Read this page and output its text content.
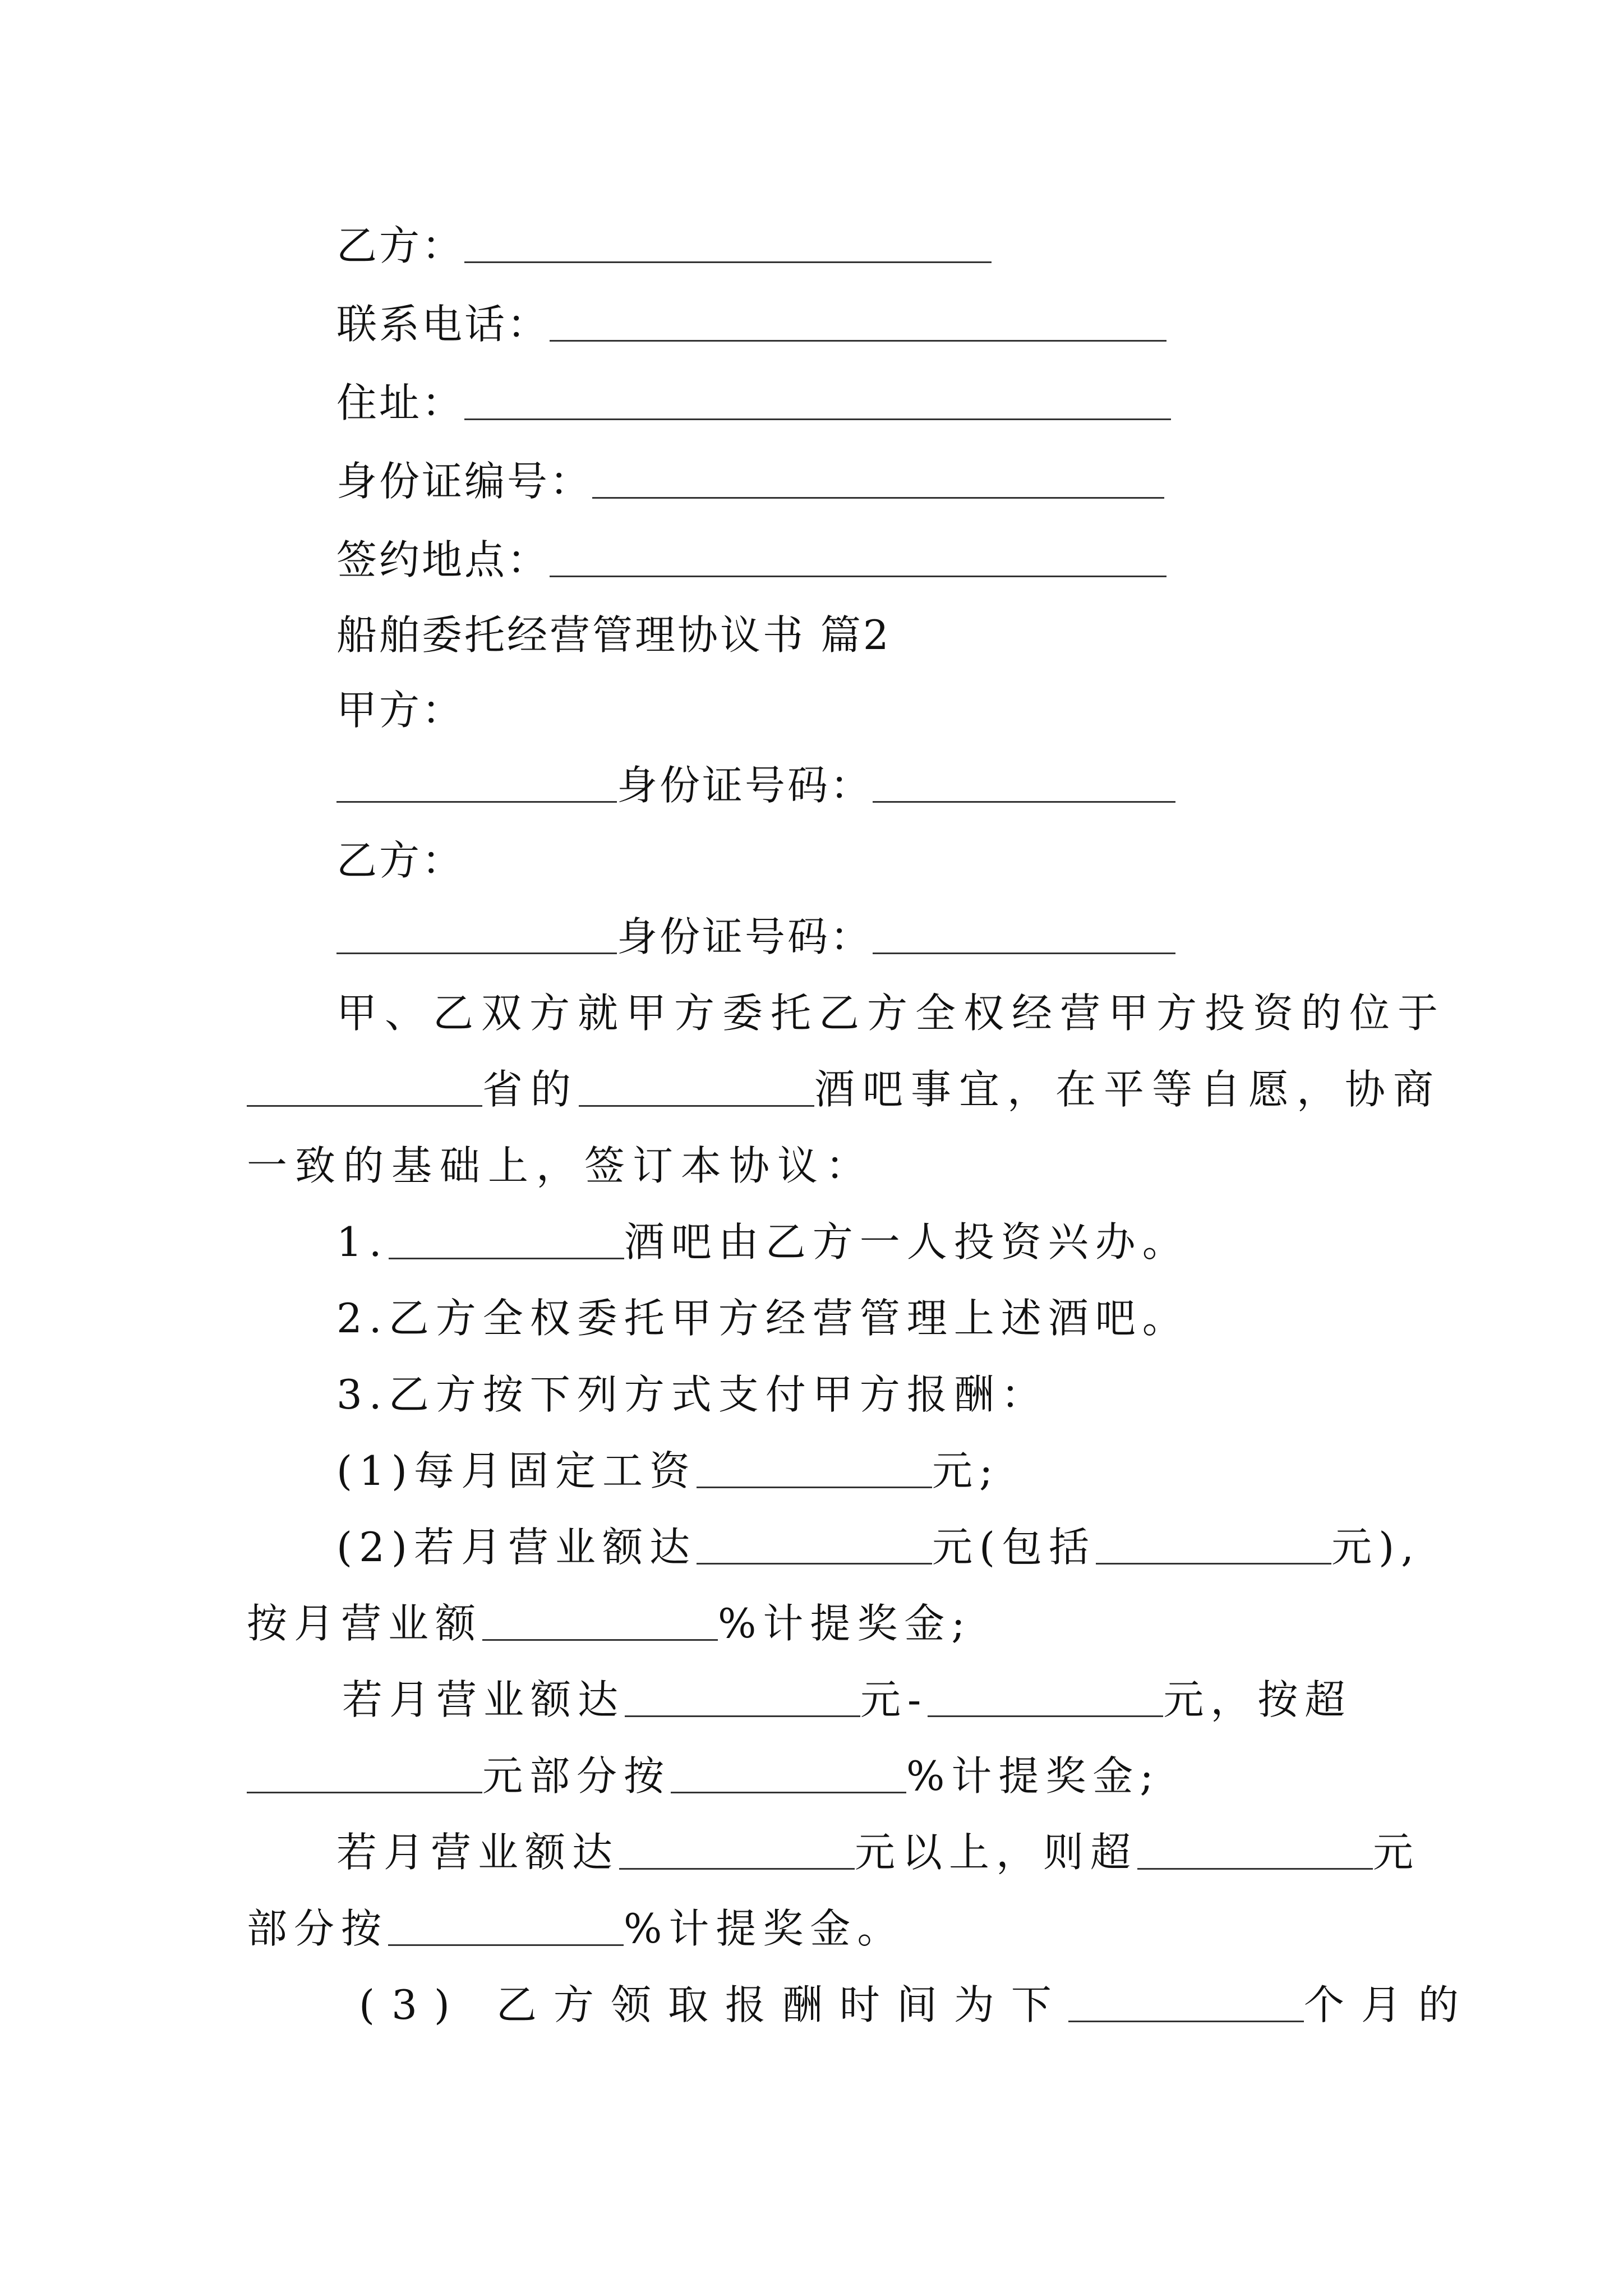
乙方：
联系电话：
住址：
身份证编号：
签约地点：
船舶委托经营管理协议书 篇2
甲方：
身份证号码：
乙方：
身份证号码：
甲、乙双方就甲方委托乙方全权经营甲方投资的位于
省的	酒吧事宜，在平等自愿，协商
一致的基础上，签订本协议：
1.	酒吧由乙方一人投资兴办。
2.乙方全权委托甲方经营管理上述酒吧。
3.乙方按下列方式支付甲方报酬：
(1)每月固定工资	元;
(2)若月营业额达	元(包括	元),
按月营业额	%计提奖金;
若月营业额达	元-	元，按超
元部分按	%计提奖金;
若月营业额达	元以上，则超	元
部分按	%计提奖金。
(3) 乙方领取报酬时间为下	个月的
